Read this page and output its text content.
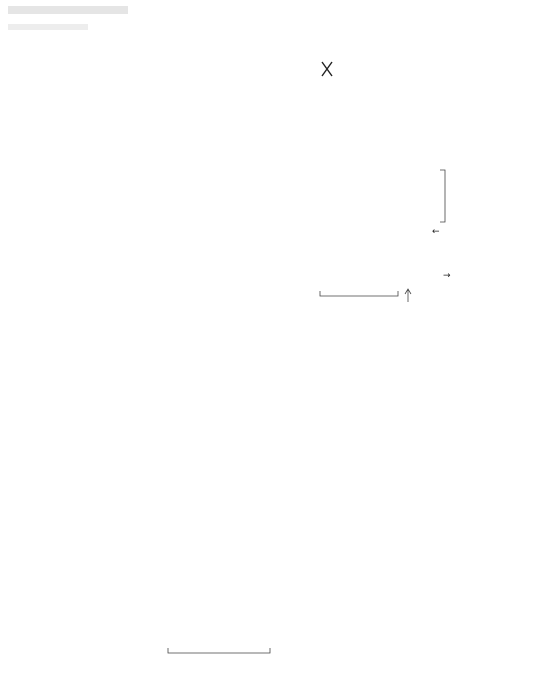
←
→
